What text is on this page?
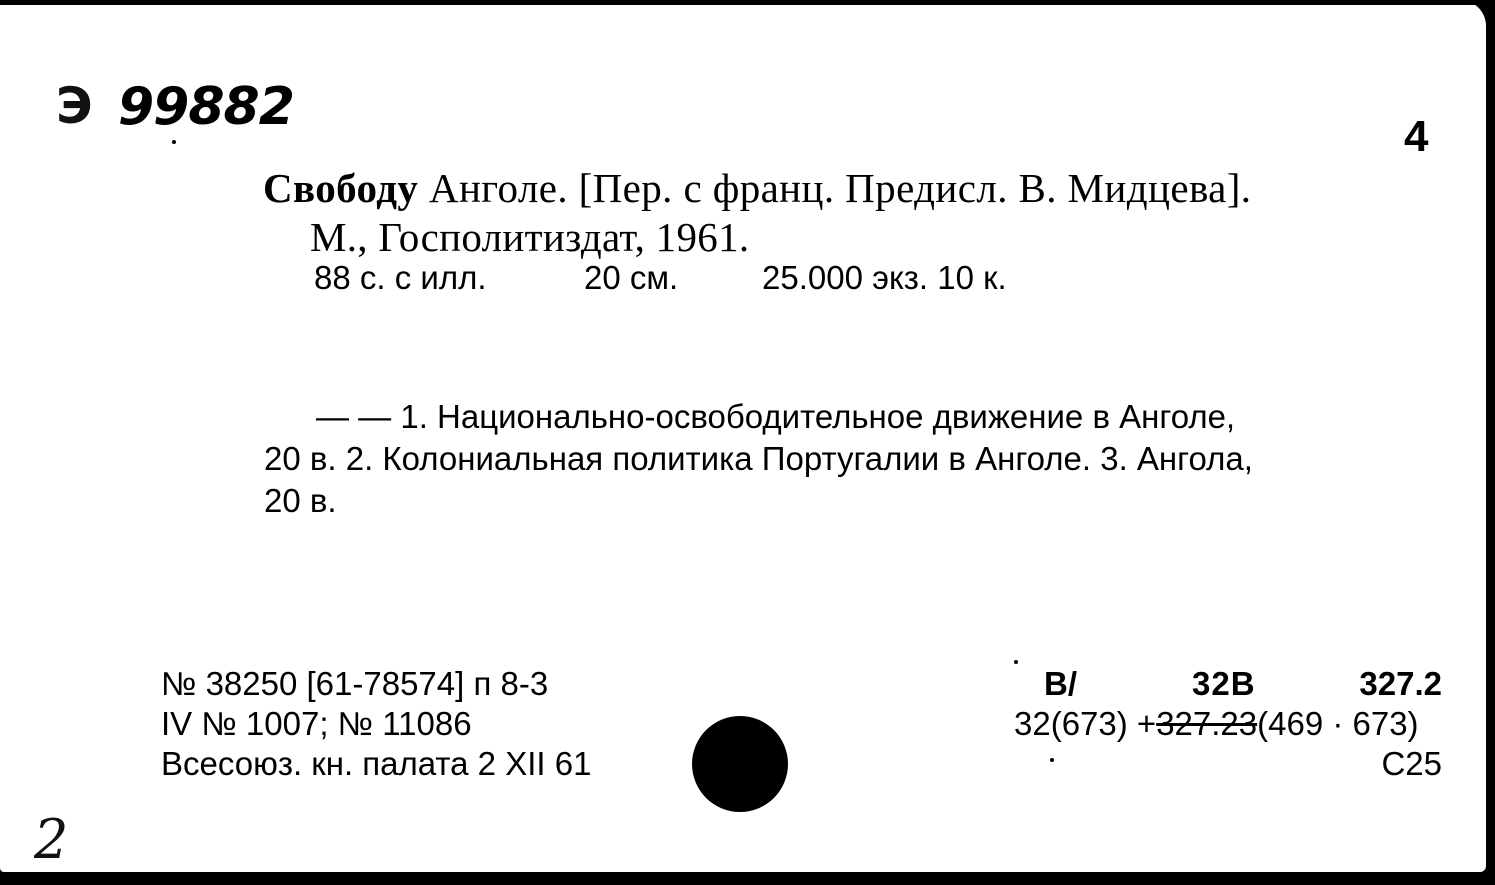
Э 99882	4
Свободу Анголе. [Пер. с франц. Предисл. В. Мидцева].
М., Госполитиздат, 1961.
88 с. с илл.	20 см.	25.000 экз. 10 к.

— — 1. Национально-освободительное движение в Анголе,

20 в. 2. Колониальная политика Португалии в Анголе. 3. Ангола,

20 в.

№ 38250 [61-78574] п 8-3
IV № 1007; № 11086
Всесоюз. кн. палата 2 XII 61
В/	32В	327.2
32(673) +327.23(469 · 673)
С25
2
